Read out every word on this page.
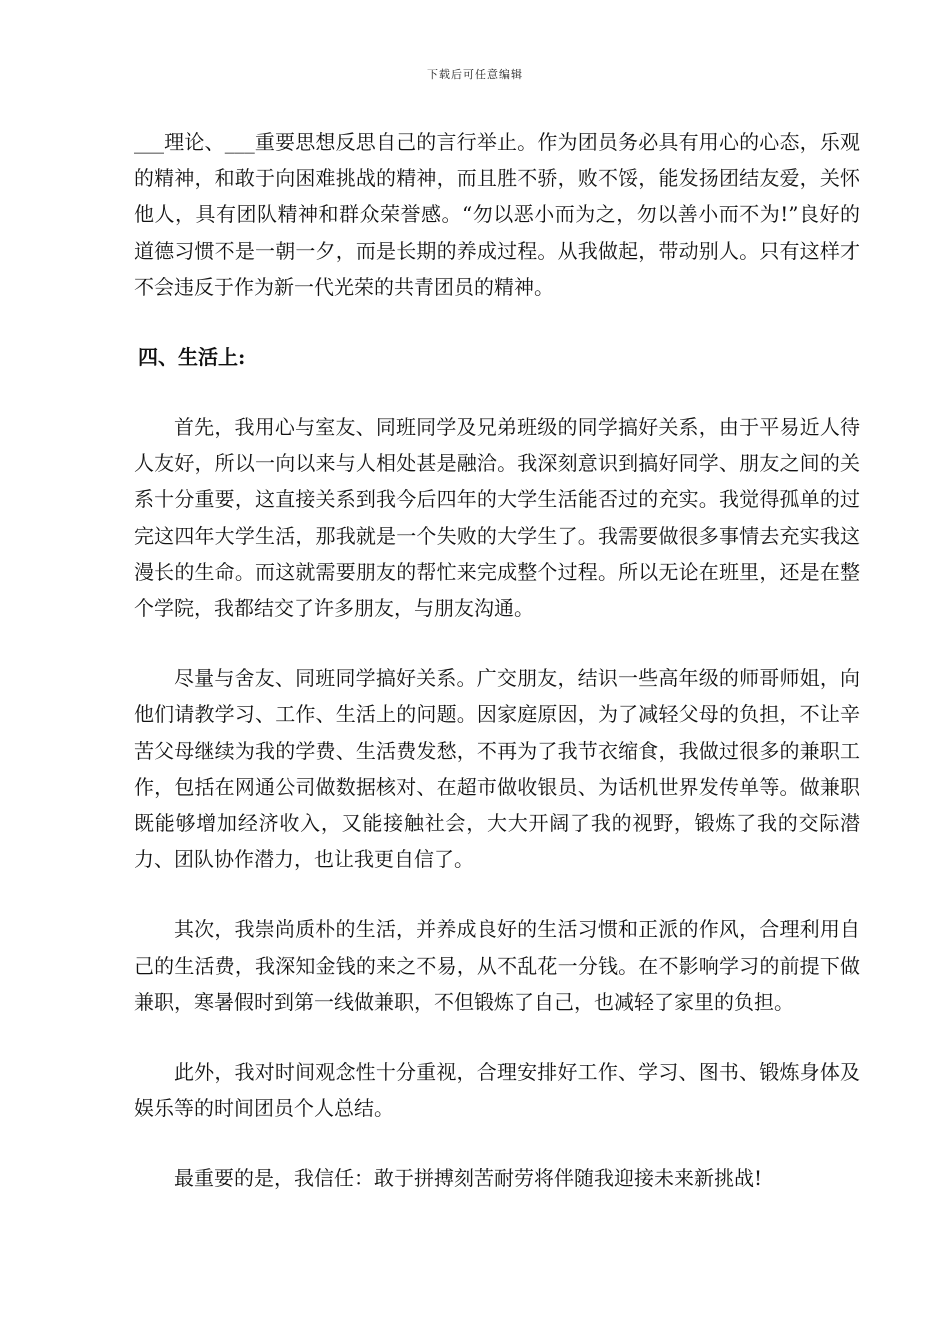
下载后可任意编辑

___理论、___重要思想反思自己的言行举止。作为团员务必具有用心的心态，乐观的精神，和敢于向困难挑战的精神，而且胜不骄，败不馁，能发扬团结友爱，关怀他人，具有团队精神和群众荣誉感。“勿以恶小而为之，勿以善小而不为!”良好的道德习惯不是一朝一夕，而是长期的养成过程。从我做起，带动别人。只有这样才不会违反于作为新一代光荣的共青团员的精神。

四、生活上:

首先，我用心与室友、同班同学及兄弟班级的同学搞好关系，由于平易近人待人友好，所以一向以来与人相处甚是融洽。我深刻意识到搞好同学、朋友之间的关系十分重要，这直接关系到我今后四年的大学生活能否过的充实。我觉得孤单的过完这四年大学生活，那我就是一个失败的大学生了。我需要做很多事情去充实我这漫长的生命。而这就需要朋友的帮忙来完成整个过程。所以无论在班里，还是在整个学院，我都结交了许多朋友，与朋友沟通。

尽量与舍友、同班同学搞好关系。广交朋友，结识一些高年级的师哥师姐，向他们请教学习、工作、生活上的问题。因家庭原因，为了减轻父母的负担，不让辛苦父母继续为我的学费、生活费发愁，不再为了我节衣缩食，我做过很多的兼职工作，包括在网通公司做数据核对、在超市做收银员、为话机世界发传单等。做兼职既能够增加经济收入，又能接触社会，大大开阔了我的视野，锻炼了我的交际潜力、团队协作潜力，也让我更自信了。

其次，我崇尚质朴的生活，并养成良好的生活习惯和正派的作风，合理利用自己的生活费，我深知金钱的来之不易，从不乱花一分钱。在不影响学习的前提下做兼职，寒暑假时到第一线做兼职，不但锻炼了自己，也减轻了家里的负担。

此外，我对时间观念性十分重视，合理安排好工作、学习、图书、锻炼身体及娱乐等的时间团员个人总结。

最重要的是，我信任：敢于拼搏刻苦耐劳将伴随我迎接未来新挑战!
